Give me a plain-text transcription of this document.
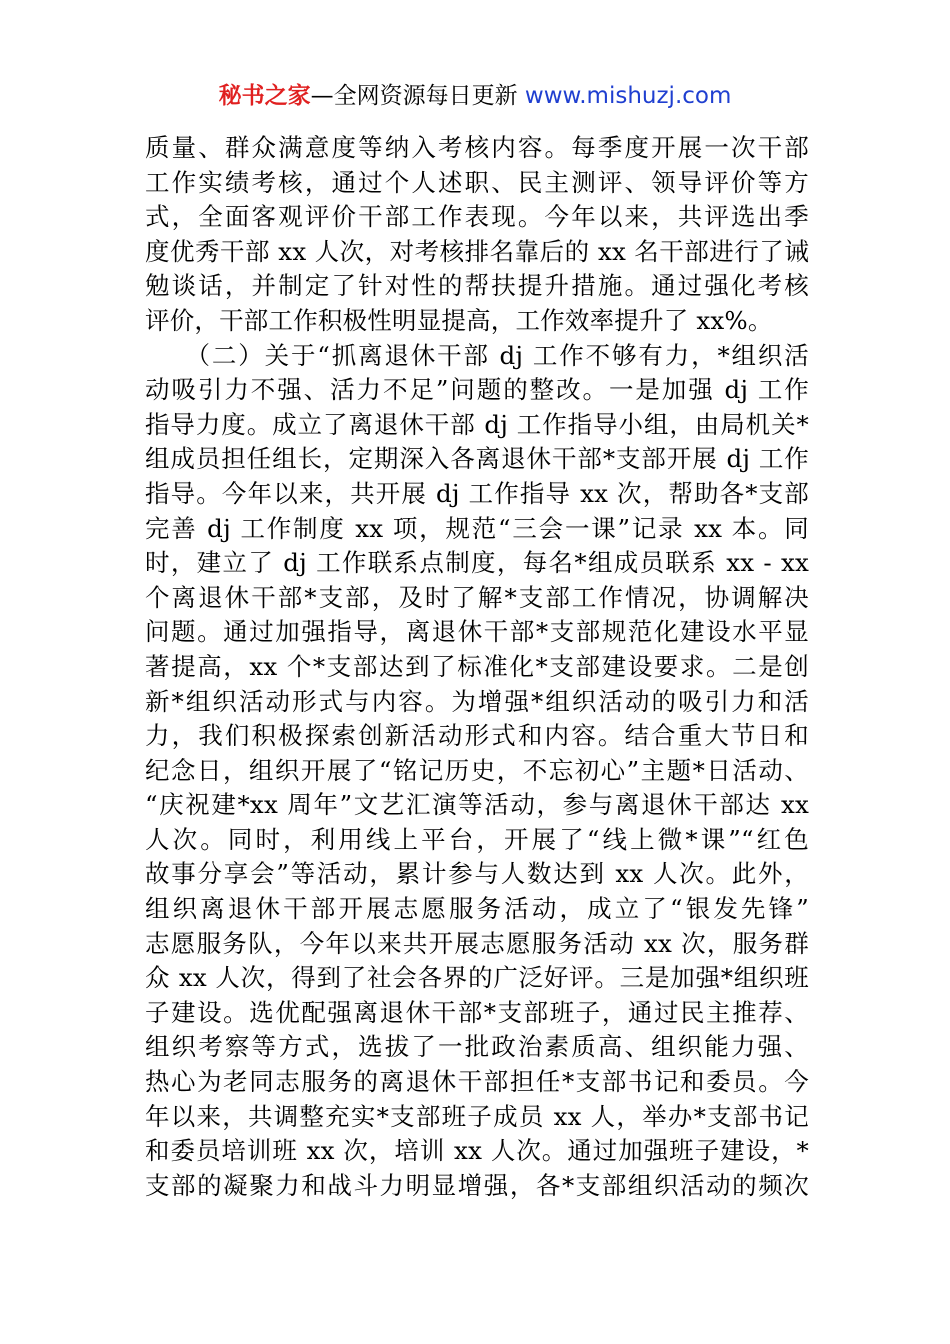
秘书之家—全网资源每日更新 www.mishuzj.com
质量、群众满意度等纳入考核内容。每季度开展一次干部
工作实绩考核，通过个人述职、民主测评、领导评价等方
式，全面客观评价干部工作表现。今年以来，共评选出季
度优秀干部 xx 人次，对考核排名靠后的 xx 名干部进行了诫
勉谈话，并制定了针对性的帮扶提升措施。通过强化考核
评价，干部工作积极性明显提高，工作效率提升了 xx%。
　　（二）关于“抓离退休干部 dj 工作不够有力，*组织活
动吸引力不强、活力不足”问题的整改。一是加强 dj 工作
指导力度。成立了离退休干部 dj 工作指导小组，由局机关*
组成员担任组长，定期深入各离退休干部*支部开展 dj 工作
指导。今年以来，共开展 dj 工作指导 xx 次，帮助各*支部
完善 dj 工作制度 xx 项，规范“三会一课”记录 xx 本。同
时，建立了 dj 工作联系点制度，每名*组成员联系 xx - xx
个离退休干部*支部，及时了解*支部工作情况，协调解决
问题。通过加强指导，离退休干部*支部规范化建设水平显
著提高，xx 个*支部达到了标准化*支部建设要求。二是创
新*组织活动形式与内容。为增强*组织活动的吸引力和活
力，我们积极探索创新活动形式和内容。结合重大节日和
纪念日，组织开展了“铭记历史，不忘初心”主题*日活动、
“庆祝建*xx 周年”文艺汇演等活动，参与离退休干部达 xx
人次。同时，利用线上平台，开展了“线上微*课”“红色
故事分享会”等活动，累计参与人数达到 xx 人次。此外，
组织离退休干部开展志愿服务活动，成立了“银发先锋”
志愿服务队，今年以来共开展志愿服务活动 xx 次，服务群
众 xx 人次，得到了社会各界的广泛好评。三是加强*组织班
子建设。选优配强离退休干部*支部班子，通过民主推荐、
组织考察等方式，选拔了一批政治素质高、组织能力强、
热心为老同志服务的离退休干部担任*支部书记和委员。今
年以来，共调整充实*支部班子成员 xx 人，举办*支部书记
和委员培训班 xx 次，培训 xx 人次。通过加强班子建设，*
支部的凝聚力和战斗力明显增强，各*支部组织活动的频次
